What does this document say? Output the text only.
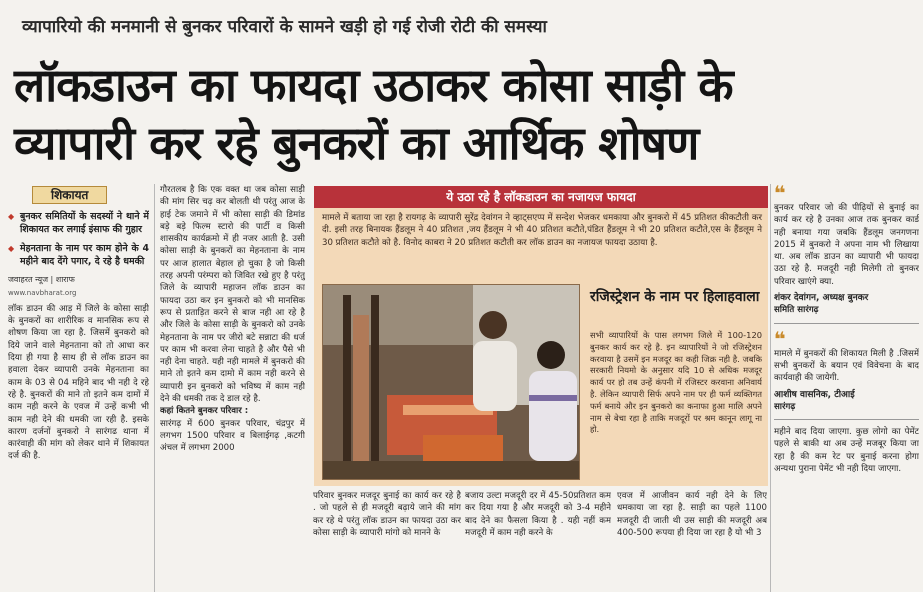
व्यापारियो की मनमानी से बुनकर परिवारों के सामने खड़ी हो गई रोजी रोटी की समस्या
लॉकडाउन का फायदा उठाकर कोसा साड़ी के
व्यापारी कर रहे बुनकरों का आर्थिक शोषण
शिकायत
◆ बुनकर समितियों के सदस्यों ने थाने में शिकायत कर लगाई इंसाफ की गुहार
◆ मेहनताना के नाम पर काम होने के 4 महीने बाद देंगे पगार, दे रहे है धमकी
जवाहरत न्यूज | शाराफ
www.navbharat.org
लॉक डाउन की आड़ में जिले के कोसा साड़ी के बुनकरों का शारीरिक व मानसिक रूप से शोषण किया जा रहा है. जिसमें बुनकरो को दिये जाने वाले मेहनताना को तो आधा कर दिया ही गया है साथ ही से लॉक डाउन का हवाला देकर व्यापारी उनके मेहनताना का काम के 03 से 04 महिने बाद भी नही दे रहे रहे है. बुनकरों की माने तो इतने कम दामों में काम नही करने के एवज में उन्हें कभी भी काम नही देने की धमकी जा रही है. इसके कारण दर्जनों बुनकरो ने सारंगढ थाना में कारंवाही की मांग को लेकर थाने में शिकायत दर्ज की है.
गौरतलब है कि एक वक्त था जब कोसा साड़ी की मांग सिर चढ़ कर बोलती थी परंतु आज के हाई टेक जमाने में भी कोसा साड़ी की डिमांड बड़े बड़े फिल्म स्टारो की पार्टी व किसी शासकीय कार्यक्रमो में ही नजर आती है. उसी कोसा साड़ी के बुनकरों का मेहनताना के नाम पर आज हालात बेहाल हो चुका है जो किसी तरह अपनी परंम्परा को जिवित रखे हुए है परंतु जिले के व्यापारी महाजन लॉक डाउन का फायदा उठा कर इन बुनकरो को भी मानसिक रूप से प्रताड़ित करने से बाज नही आ रहे है और जिले के कोसा साड़ी के बुनकरो को उनके मेहनताना के नाम पर जीरो बटे सन्नाटा की धर्ज पर काम भी करवा लेना चाहते है और पैसे भी नही देना चाहते. यही नही मामले में बुनकरो की माने तो इतने कम दामो में काम नही करने से व्यापारी इन बुनकरो को भविष्य में काम नही देने की धमकी तक दे डाल रहे है.
कहां कितने बुनकर परिवार :
सारंगढ़ में 600 बुनकर परिवार, चंद्रपुर में लगभग 1500 परिवार व बिलाईगढ़ ,कटगी अंचल में लगभग 2000
ये उठा रहे है लॉकडाउन का नजायज फायदा
मामले में बताया जा रहा है रायगढ़ के व्यापारी सुरेंद्र देवांगन ने व्हाट्सएप्प में सन्देश भेजकर धमकाया और बुनकरो में 45 प्रतिशत कीकटौती कर दी. इसी तरह बिनायक हैंडलूम ने 40 प्रतिशत ,जय हैंडलूम ने भी 40 प्रतिशत कटौते,पंडित हैंडलूम ने भी 20 प्रतिशत कटौते,एस के हैंडलूम ने 30 प्रतिशत कटौते को है. विनोद काबरा ने 20 प्रतिशत कटौती कर लॉक डाउन का नजायज फायदा उठाया है.
रजिस्ट्रेशन के नाम पर हिलाहवाला
सभी व्यापारियों के पास लगभग जिले में 100-120 बुनकर कार्य कर रहे है. इन व्यापारियों ने जो रजिस्ट्रेशन करवाया है उसमें इन मजदूर का कही जिक्र नही है. जबकि सरकारी नियमो के अनुसार यदि 10 से अधिक मजदूर कार्य पर हो तब उन्हें कंपनी में रजिस्टर करवाना अनिवार्य है. लेकिन व्यापारी सिर्फ अपने नाम पर ही फर्म व्यक्तिगत फर्म बनाये और इन बुनकरो का कनाफा हुआ मालि अपने नाम से बेचा रहा है ताकि मजदूरों पर श्रम कानून लागू ना हो.
परिवार बुनकर मजदूर बुनाई का कार्य कर रहे है . जो पहले से ही मजदूरी बढ़ाये जाने की मांग कर रहे थे परंतु लॉक डाउन का फायदा उठा कर कोसा साड़ी के व्यापारी मांगो को मानने के
बजाय उल्टा मजदूरी दर में 45-50प्रतिशत कम कर दिया गया है और मजदूरी को 3-4 महीने बाद देने का फैसला किया है . यही नहीं कम मजदूरी में काम नही करने के
एवज में आजीवन कार्य नही देने के लिए धमकाया जा रहा है. साड़ी का पहले 1100 मजदूरी दी जाती थी उस साड़ी की मजदूरी अब 400-500 रूपया ही दिया जा रहा है यो भी 3
❝
बुनकर परिवार जो की पीढ़ियों से बुनाई का कार्य कर रहे है उनका आज तक बुनकर कार्ड नही बनाया गया जबकि हैंडलूम जनगणना 2015 में बुनकरो ने अपना नाम भी लिखाया था. अब लॉक डाउन का व्यापारी भी फायदा उठा रहे है. मजदूरी नही मिलेगी तो बुनकर परिवार खाएंगे क्या.
शंकर देवांगन, अध्यक्ष बुनकर
समिति सारंगढ़
❝
मामले में बुनकरों की शिकायत मिली है .जिसमें सभी बुनकरों के बयान एवं विवेचना के बाद कार्यवाही की जायेगी.
आशीष वासनिक, टीआई
सारंगढ़
महीने बाद दिया जाएगा. कुछ लोगो का पेमेंट पहले से बाकी था अब उन्हें मजबूर किया जा रहा है की कम रेट पर बुनाई करना होगा अन्यथा पुराना पेमेंट भी नही दिया जाएगा.
